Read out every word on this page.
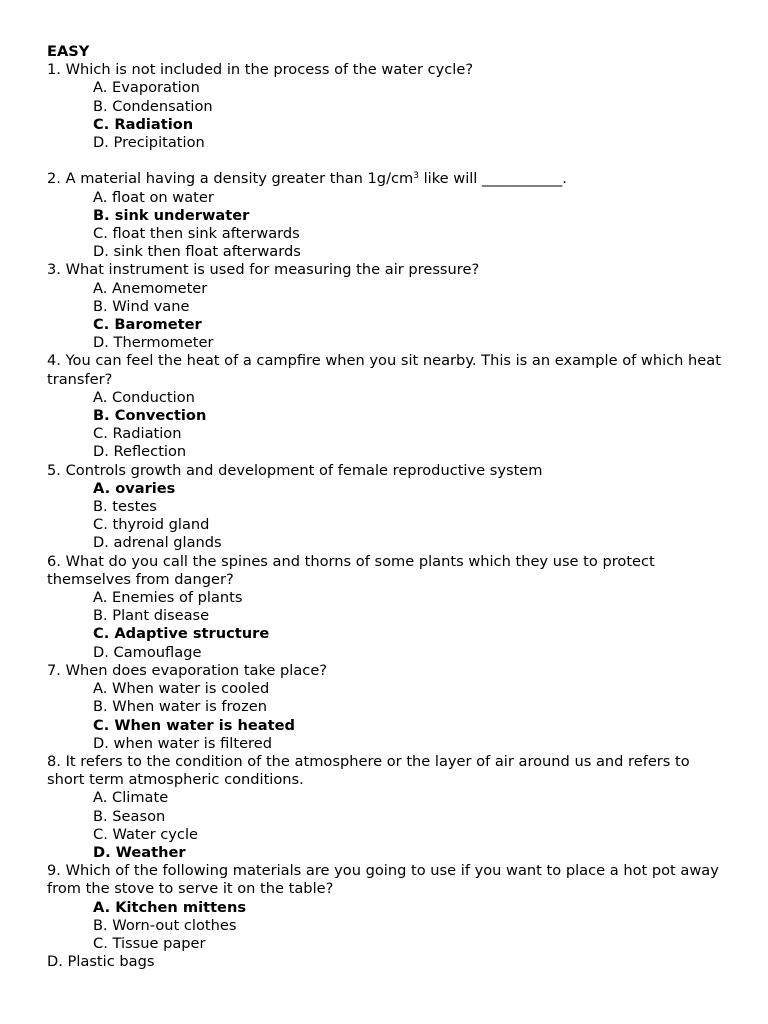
EASY

1. Which is not included in the process of the water cycle?

A. Evaporation

B. Condensation

C. Radiation

D. Precipitation

2. A material having a density greater than $1g/cm^3$ like will ___________.

A. float on water

B. sink underwater

C. float then sink afterwards

D. sink then float afterwards

3. What instrument is used for measuring the air pressure?

A. Anemometer

B. Wind vane

C. Barometer

D. Thermometer

4. You can feel the heat of a campfire when you sit nearby. This is an example of which heat transfer?

A. Conduction

B. Convection

C. Radiation

D. Reflection

5. Controls growth and development of female reproductive system

A. ovaries

B. testes

C. thyroid gland

D. adrenal glands

6. What do you call the spines and thorns of some plants which they use to protect themselves from danger?

A. Enemies of plants

B. Plant disease

C. Adaptive structure

D. Camouflage

7. When does evaporation take place?

A. When water is cooled

B. When water is frozen

C. When water is heated

D. when water is filtered

8. It refers to the condition of the atmosphere or the layer of air around us and refers to short term atmospheric conditions.

A. Climate

B. Season

C. Water cycle

D. Weather

9. Which of the following materials are you going to use if you want to place a hot pot away from the stove to serve it on the table?

A. Kitchen mittens

B. Worn-out clothes

C. Tissue paper

D. Plastic bags
